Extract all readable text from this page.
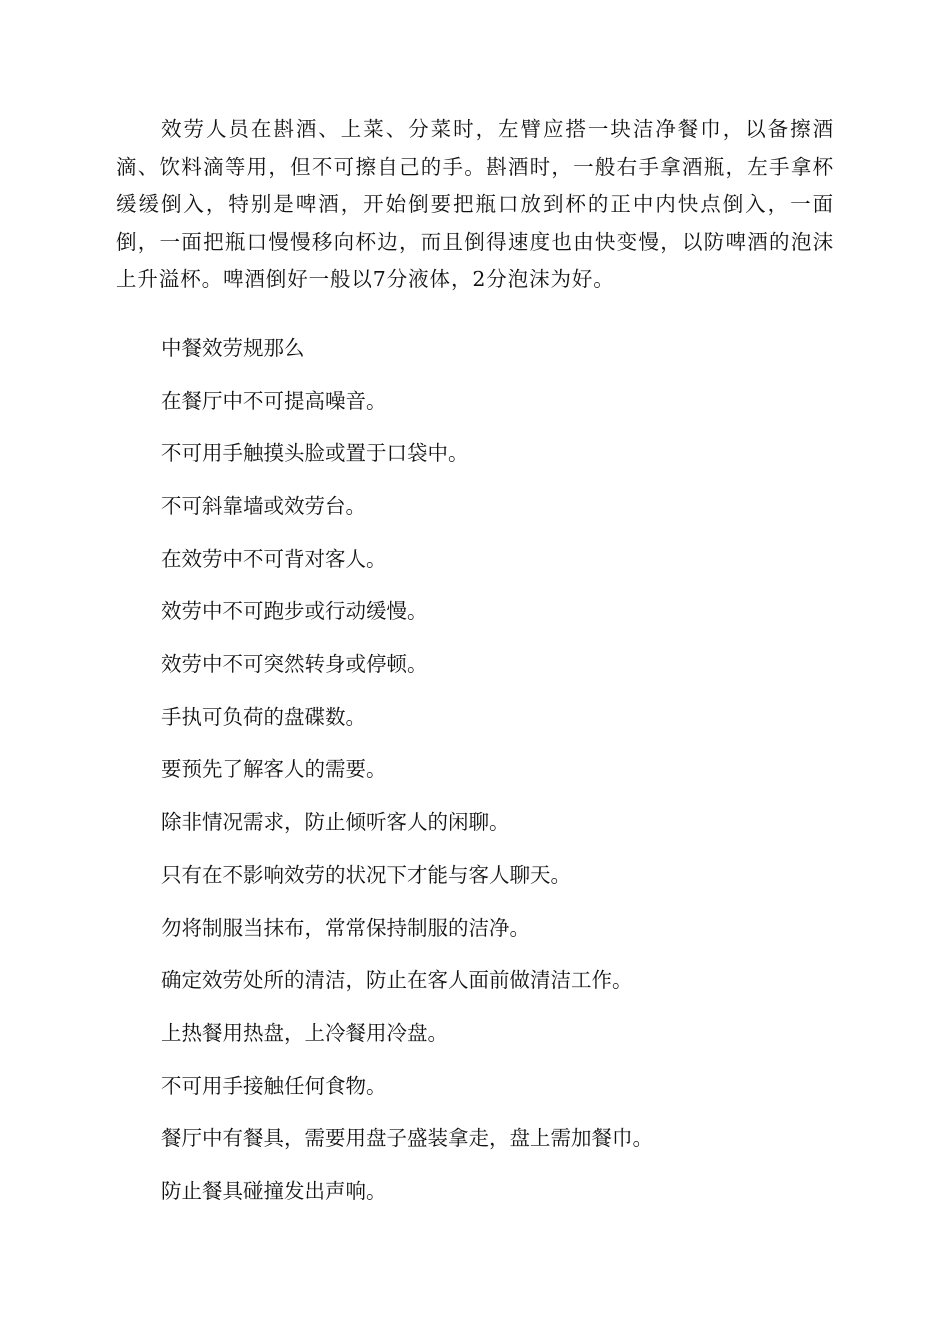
效劳人员在斟酒、上菜、分菜时，左臂应搭一块洁净餐巾，以备擦酒滴、饮料滴等用，但不可擦自己的手。斟酒时，一般右手拿酒瓶，左手拿杯缓缓倒入，特别是啤酒，开始倒要把瓶口放到杯的正中内快点倒入，一面倒，一面把瓶口慢慢移向杯边，而且倒得速度也由快变慢，以防啤酒的泡沫上升溢杯。啤酒倒好一般以7分液体，2分泡沫为好。

中餐效劳规那么
在餐厅中不可提高噪音。
不可用手触摸头脸或置于口袋中。
不可斜靠墙或效劳台。
在效劳中不可背对客人。
效劳中不可跑步或行动缓慢。
效劳中不可突然转身或停顿。
手执可负荷的盘碟数。
要预先了解客人的需要。
除非情况需求，防止倾听客人的闲聊。
只有在不影响效劳的状况下才能与客人聊天。
勿将制服当抹布，常常保持制服的洁净。
确定效劳处所的清洁，防止在客人面前做清洁工作。
上热餐用热盘，上冷餐用冷盘。
不可用手接触任何食物。
餐厅中有餐具，需要用盘子盛装拿走，盘上需加餐巾。
防止餐具碰撞发出声响。
